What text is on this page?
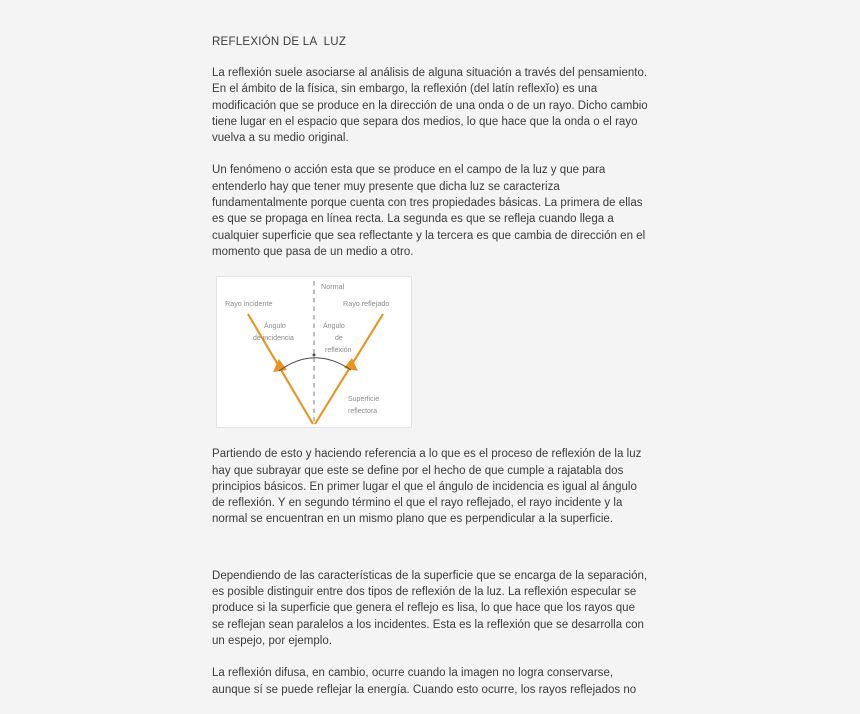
REFLEXIÓN DE LA  LUZ

La reflexión suele asociarse al análisis de alguna situación a través del pensamiento. En el ámbito de la física, sin embargo, la reflexión (del latín reflexĭo) es una modificación que se produce en la dirección de una onda o de un rayo. Dicho cambio tiene lugar en el espacio que separa dos medios, lo que hace que la onda o el rayo vuelva a su medio original.

Un fenómeno o acción esta que se produce en el campo de la luz y que para entenderlo hay que tener muy presente que dicha luz se caracteriza fundamentalmente porque cuenta con tres propiedades básicas. La primera de ellas es que se propaga en línea recta. La segunda es que se refleja cuando llega a cualquier superficie que sea reflectante y la tercera es que cambia de dirección en el momento que pasa de un medio a otro.

Normal
Rayo incidente	Rayo reflejado
Ángulo
de incidencia
Ángulo
de
reflexión
Superficie
reflectora

Partiendo de esto y haciendo referencia a lo que es el proceso de reflexión de la luz hay que subrayar que este se define por el hecho de que cumple a rajatabla dos principios básicos. En primer lugar el que el ángulo de incidencia es igual al ángulo de reflexión. Y en segundo término el que el rayo reflejado, el rayo incidente y la normal se encuentran en un mismo plano que es perpendicular a la superficie.

Dependiendo de las características de la superficie que se encarga de la separación, es posible distinguir entre dos tipos de reflexión de la luz. La reflexión especular se produce si la superficie que genera el reflejo es lisa, lo que hace que los rayos que se reflejan sean paralelos a los incidentes. Esta es la reflexión que se desarrolla con un espejo, por ejemplo.

La reflexión difusa, en cambio, ocurre cuando la imagen no logra conservarse, aunque sí se puede reflejar la energía. Cuando esto ocurre, los rayos reflejados no
